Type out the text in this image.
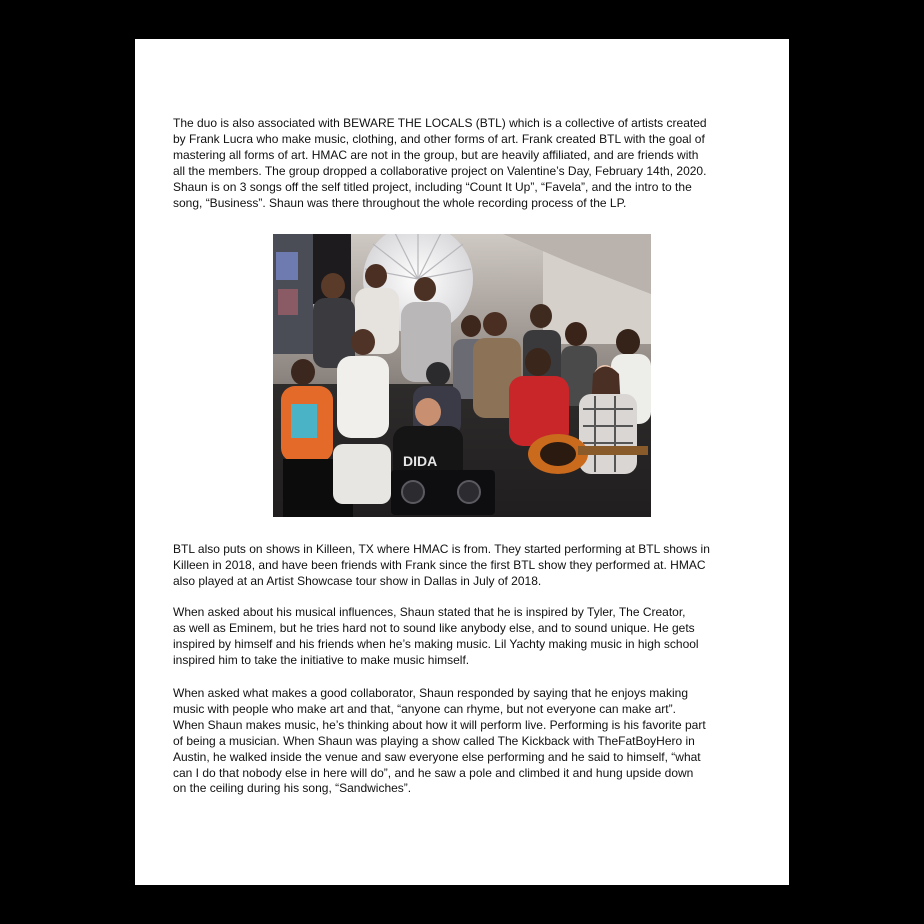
The duo is also associated with BEWARE THE LOCALS (BTL) which is a collective of artists created
by Frank Lucra who make music, clothing, and other forms of art. Frank created BTL with the goal of
mastering all forms of art. HMAC are not in the group, but are heavily affiliated, and are friends with
all the members. The group dropped a collaborative project on Valentine’s Day, February 14th, 2020.
Shaun is on 3 songs off the self titled project, including “Count It Up”, “Favela”, and the intro to the
song, “Business”. Shaun was there throughout the whole recording process of the LP.

DIDA

BTL also puts on shows in Killeen, TX where HMAC is from. They started performing at BTL shows in
Killeen in 2018, and have been friends with Frank since the first BTL show they performed at. HMAC
also played at an Artist Showcase tour show in Dallas in July of 2018.

When asked about his musical influences, Shaun stated that he is inspired by Tyler, The Creator,
as well as Eminem, but he tries hard not to sound like anybody else, and to sound unique. He gets
inspired by himself and his friends when he’s making music. Lil Yachty making music in high school
inspired him to take the initiative to make music himself.

When asked what makes a good collaborator, Shaun responded by saying that he enjoys making
music with people who make art and that, “anyone can rhyme, but not everyone can make art”.
When Shaun makes music, he’s thinking about how it will perform live. Performing is his favorite part
of being a musician. When Shaun was playing a show called The Kickback with TheFatBoyHero in
Austin, he walked inside the venue and saw everyone else performing and he said to himself, “what
can I do that nobody else in here will do”, and he saw a pole and climbed it and hung upside down
on the ceiling during his song, “Sandwiches”.
